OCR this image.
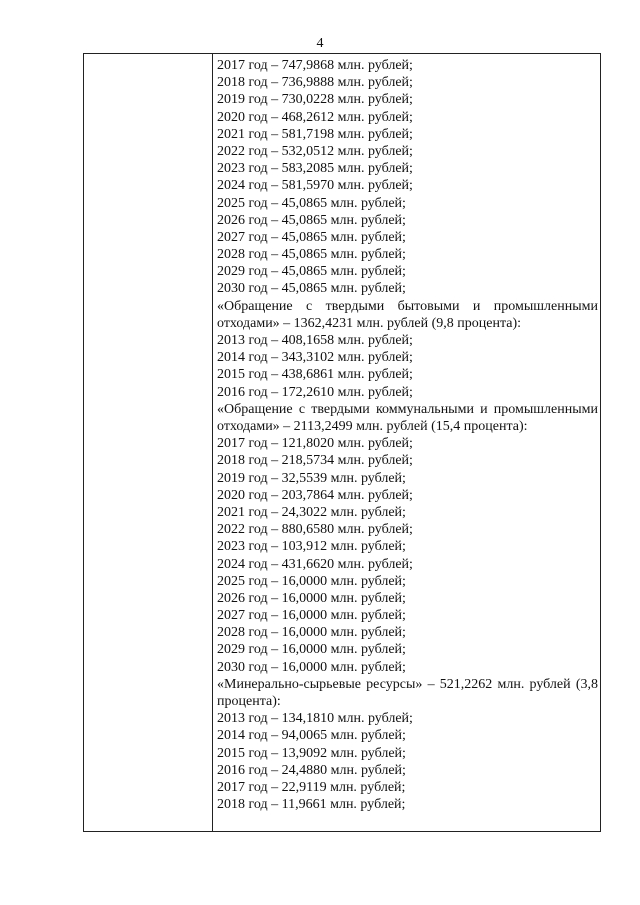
4
2017 год – 747,9868 млн. рублей;
2018 год – 736,9888 млн. рублей;
2019 год – 730,0228 млн. рублей;
2020 год – 468,2612 млн. рублей;
2021 год – 581,7198 млн. рублей;
2022 год – 532,0512 млн. рублей;
2023 год – 583,2085 млн. рублей;
2024 год – 581,5970 млн. рублей;
2025 год – 45,0865 млн. рублей;
2026 год – 45,0865 млн. рублей;
2027 год – 45,0865 млн. рублей;
2028 год – 45,0865 млн. рублей;
2029 год – 45,0865 млн. рублей;
2030 год – 45,0865 млн. рублей;
«Обращение с твердыми бытовыми и промышленными отходами» – 1362,4231 млн. рублей (9,8 процента):
2013 год – 408,1658 млн. рублей;
2014 год – 343,3102 млн. рублей;
2015 год – 438,6861 млн. рублей;
2016 год – 172,2610 млн. рублей;
«Обращение с твердыми коммунальными и промышленными отходами» – 2113,2499 млн. рублей (15,4 процента):
2017 год – 121,8020 млн. рублей;
2018 год – 218,5734 млн. рублей;
2019 год – 32,5539 млн. рублей;
2020 год – 203,7864 млн. рублей;
2021 год – 24,3022 млн. рублей;
2022 год – 880,6580 млн. рублей;
2023 год – 103,912 млн. рублей;
2024 год – 431,6620 млн. рублей;
2025 год – 16,0000 млн. рублей;
2026 год – 16,0000 млн. рублей;
2027 год – 16,0000 млн. рублей;
2028 год – 16,0000 млн. рублей;
2029 год – 16,0000 млн. рублей;
2030 год – 16,0000 млн. рублей;
«Минерально-сырьевые ресурсы» – 521,2262 млн. рублей (3,8 процента):
2013 год – 134,1810 млн. рублей;
2014 год – 94,0065 млн. рублей;
2015 год – 13,9092 млн. рублей;
2016 год – 24,4880 млн. рублей;
2017 год – 22,9119 млн. рублей;
2018 год – 11,9661 млн. рублей;
